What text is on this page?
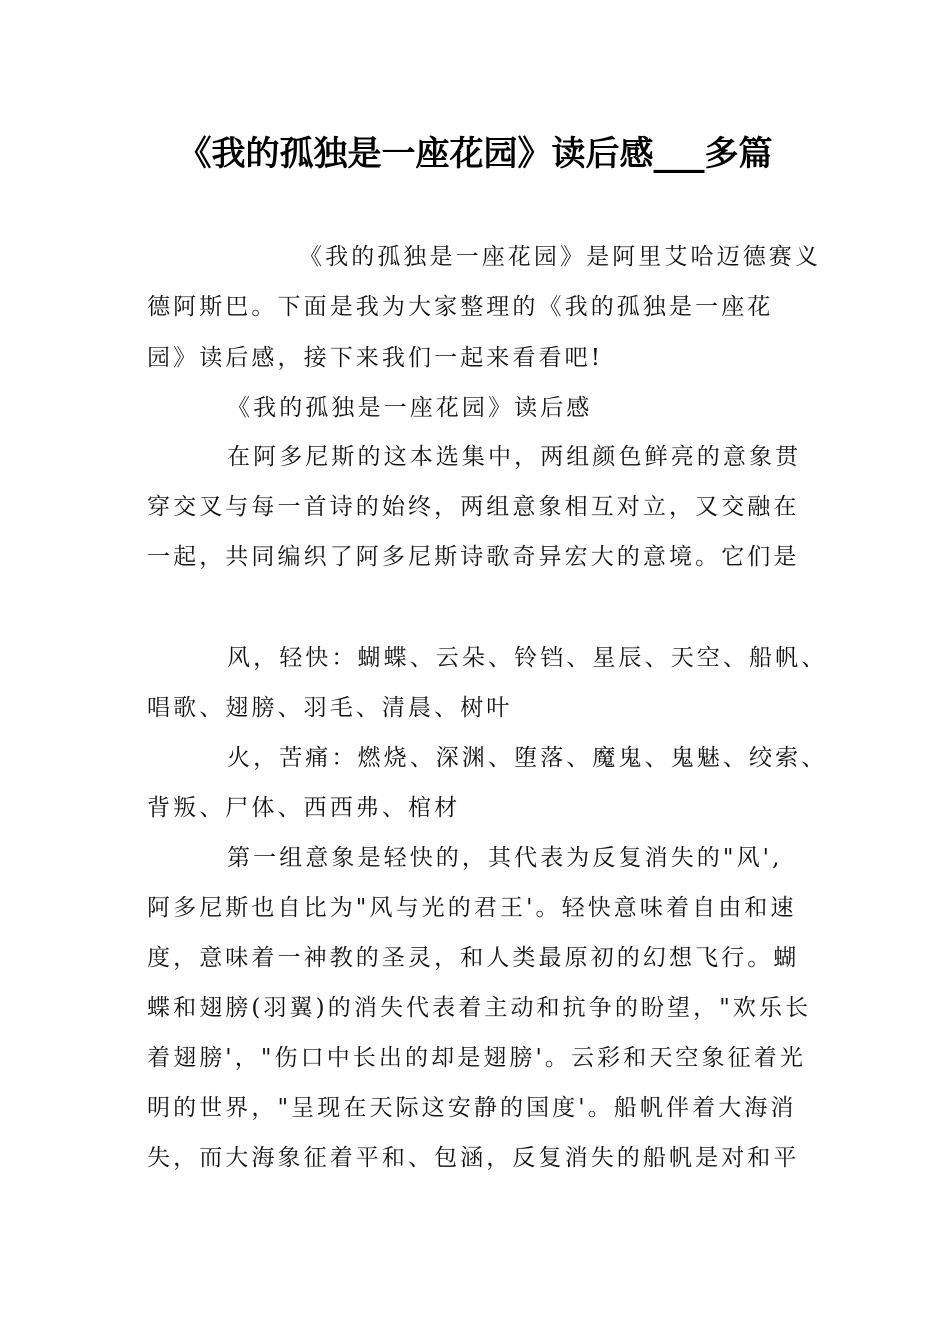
《我的孤独是一座花园》读后感___多篇
《我的孤独是一座花园》是阿里艾哈迈德赛义
德阿斯巴。下面是我为大家整理的《我的孤独是一座花
园》读后感，接下来我们一起来看看吧!
《我的孤独是一座花园》读后感
在阿多尼斯的这本选集中，两组颜色鲜亮的意象贯
穿交叉与每一首诗的始终，两组意象相互对立，又交融在
一起，共同编织了阿多尼斯诗歌奇异宏大的意境。它们是
风，轻快：蝴蝶、云朵、铃铛、星辰、天空、船帆、
唱歌、翅膀、羽毛、清晨、树叶
火，苦痛：燃烧、深渊、堕落、魔鬼、鬼魅、绞索、
背叛、尸体、西西弗、棺材
第一组意象是轻快的，其代表为反复消失的"风',
阿多尼斯也自比为"风与光的君王'。轻快意味着自由和速
度，意味着一神教的圣灵，和人类最原初的幻想飞行。蝴
蝶和翅膀(羽翼)的消失代表着主动和抗争的盼望，"欢乐长
着翅膀'，"伤口中长出的却是翅膀'。云彩和天空象征着光
明的世界，"呈现在天际这安静的国度'。船帆伴着大海消
失，而大海象征着平和、包涵，反复消失的船帆是对和平
